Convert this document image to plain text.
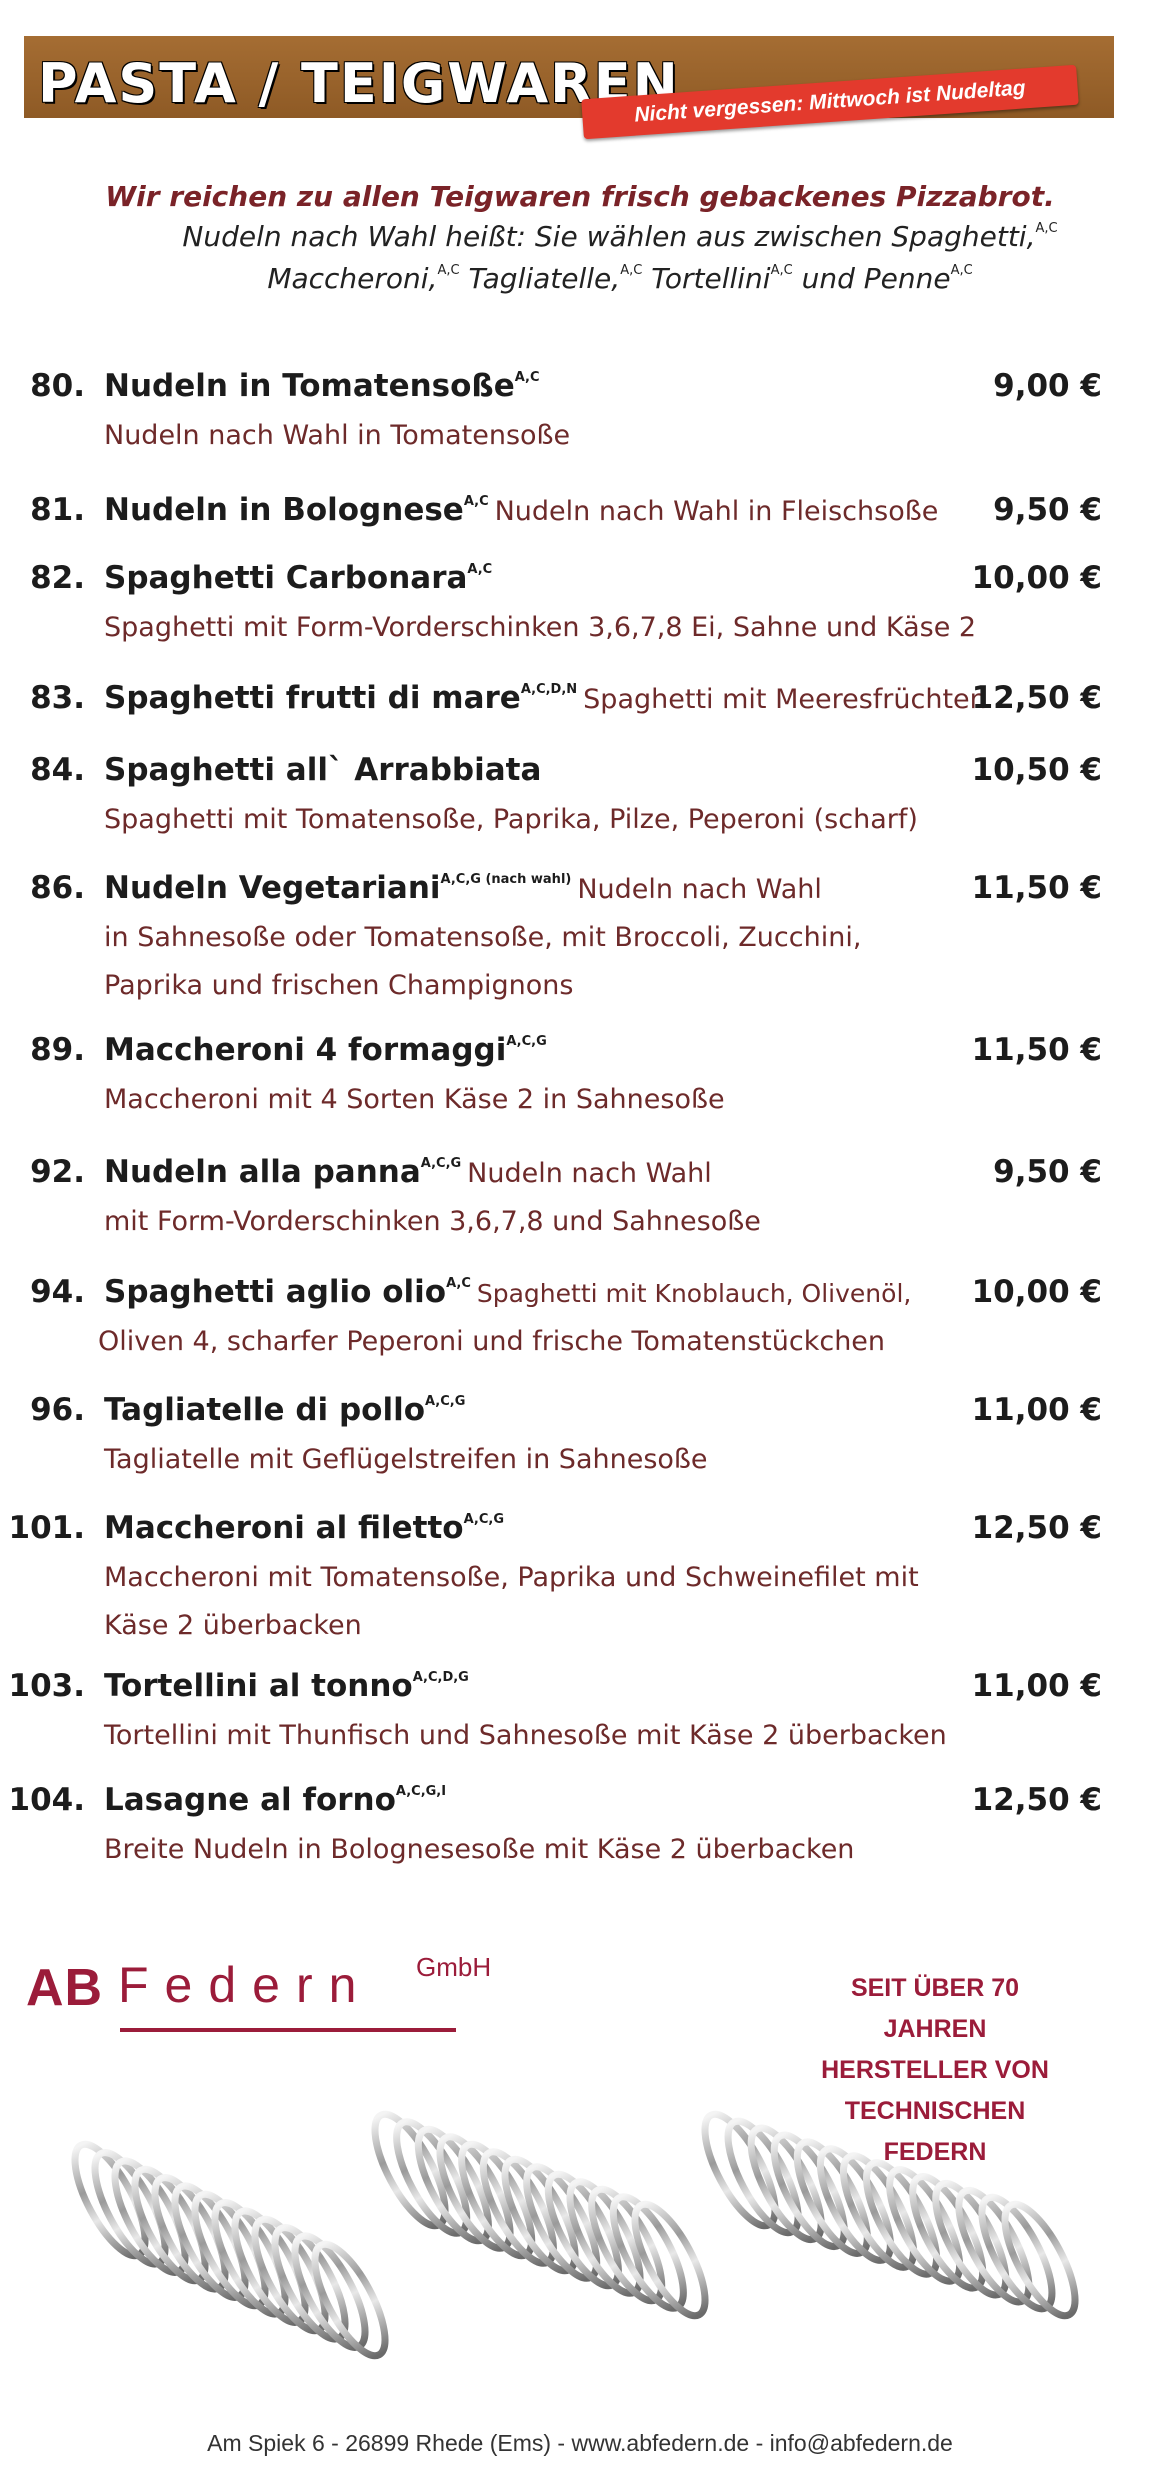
PASTA / TEIGWAREN
Nicht vergessen: Mittwoch ist Nudeltag
Wir reichen zu allen Teigwaren frisch gebackenes Pizzabrot.
Nudeln nach Wahl heißt: Sie wählen aus zwischen Spaghetti,$^{A,C}$
Maccheroni,$^{A,C}$ Tagliatelle,$^{A,C}$ Tortellini$^{A,C}$ und Penne$^{A,C}$
80. Nudeln in Tomatensoße$^{A,C}$
Nudeln nach Wahl in Tomatensoße
9,00 €
81. Nudeln in Bolognese$^{A,C}$ Nudeln nach Wahl in Fleischsoße 9,50 €
82. Spaghetti Carbonara$^{A,C}$
Spaghetti mit Form-Vorderschinken 3,6,7,8 Ei, Sahne und Käse 2
10,00 €
83. Spaghetti frutti di mare$^{A,C,D,N}$ Spaghetti mit Meeresfrüchten
12,50 €
84. Spaghetti all` Arrabbiata
Spaghetti mit Tomatensoße, Paprika, Pilze, Peperoni (scharf)
10,50 €
86. Nudeln Vegetariani$^{A,C,G (nach wahl)}$ Nudeln nach Wahl
in Sahnesoße oder Tomatensoße, mit Broccoli, Zucchini, Paprika und frischen Champignons
11,50 €
89. Maccheroni 4 formaggi$^{A,C,G}$
Maccheroni mit 4 Sorten Käse 2 in Sahnesoße
11,50 €
92. Nudeln alla panna$^{A,C,G}$ Nudeln nach Wahl
mit Form-Vorderschinken 3,6,7,8 und Sahnesoße
9,50 €
94. Spaghetti aglio olio$^{A,C}$ Spaghetti mit Knoblauch, Olivenöl,
Oliven 4, scharfer Peperoni und frische Tomatenstückchen
10,00 €
96. Tagliatelle di pollo$^{A,C,G}$
Tagliatelle mit Geflügelstreifen in Sahnesoße
11,00 €
101. Maccheroni al filetto$^{A,C,G}$
Maccheroni mit Tomatensoße, Paprika und Schweinefilet mit Käse 2 überbacken
12,50 €
103. Tortellini al tonno$^{A,C,D,G}$
Tortellini mit Thunfisch und Sahnesoße mit Käse 2 überbacken
11,00 €
104. Lasagne al forno$^{A,C,G,I}$
Breite Nudeln in Bolognesesoße mit Käse 2 überbacken
12,50 €
AB Federn GmbH
SEIT ÜBER 70
JAHREN
HERSTELLER VON
TECHNISCHEN
FEDERN
Am Spiek 6 - 26899 Rhede (Ems) - www.abfedern.de - info@abfedern.de
